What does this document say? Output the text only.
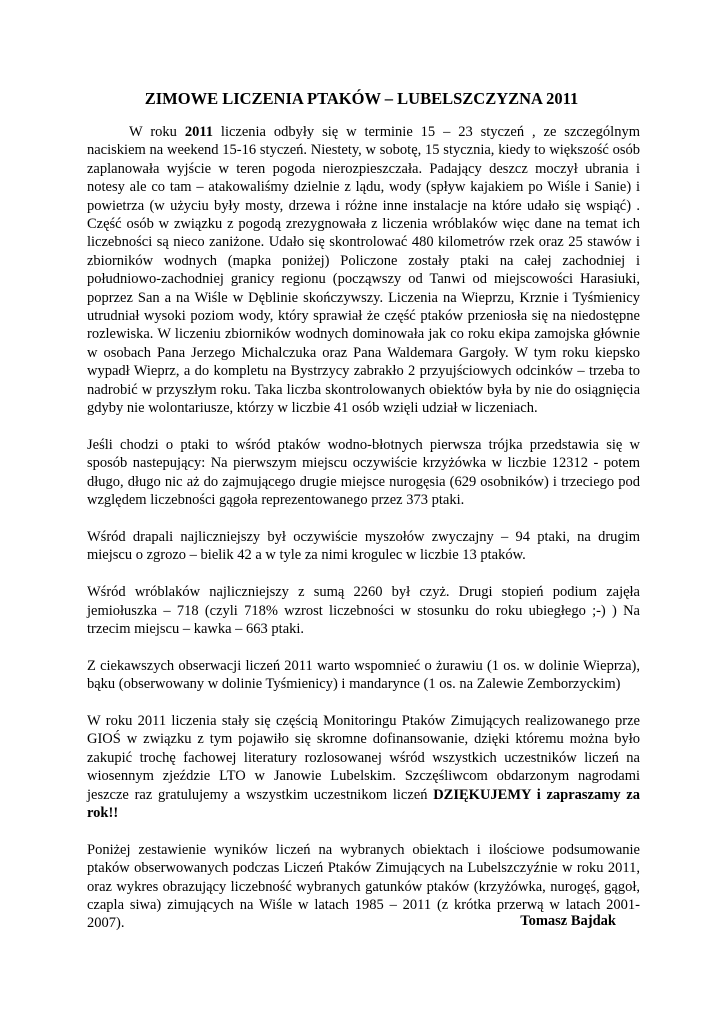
ZIMOWE LICZENIA PTAKÓW – LUBELSZCZYZNA 2011

W roku 2011 liczenia odbyły się w terminie 15 – 23 styczeń , ze szczególnym naciskiem na weekend 15-16 styczeń. Niestety, w sobotę, 15 stycznia, kiedy to większość osób zaplanowała wyjście w teren pogoda nierozpieszczała. Padający deszcz moczył ubrania i notesy ale co tam – atakowaliśmy dzielnie z lądu, wody (spływ kajakiem po Wiśle i Sanie) i powietrza (w użyciu były mosty, drzewa i różne inne instalacje na które udało się wspiąć) . Część osób w związku z pogodą zrezygnowała z liczenia wróblaków więc dane na temat ich liczebności są nieco zaniżone. Udało się skontrolować 480 kilometrów rzek oraz 25 stawów i zbiorników wodnych (mapka poniżej) Policzone zostały ptaki na całej zachodniej i południowo-zachodniej granicy regionu (począwszy od Tanwi od miejscowości Harasiuki, poprzez San a na Wiśle w Dęblinie skończywszy. Liczenia na Wieprzu, Krznie i Tyśmienicy utrudniał wysoki poziom wody, który sprawiał że część ptaków przeniosła się na niedostępne rozlewiska. W liczeniu zbiorników wodnych dominowała jak co roku ekipa zamojska głównie w osobach Pana Jerzego Michalczuka oraz Pana Waldemara Gargoły. W tym roku kiepsko wypadł Wieprz, a do kompletu na Bystrzycy zabrakło 2 przyujściowych odcinków – trzeba to nadrobić w przyszłym roku. Taka liczba skontrolowanych obiektów była by nie do osiągnięcia gdyby nie wolontariusze, którzy w liczbie 41 osób wzięli udział w liczeniach.

Jeśli chodzi o ptaki to wśród ptaków wodno-błotnych pierwsza trójka przedstawia się w sposób nastepujący: Na pierwszym miejscu oczywiście krzyżówka w liczbie 12312 - potem długo, długo nic aż do zajmującego drugie miejsce nurogęsia (629 osobników) i trzeciego pod względem liczebności gągoła reprezentowanego przez 373 ptaki.

Wśród drapali najliczniejszy był oczywiście myszołów zwyczajny – 94 ptaki, na drugim miejscu o zgrozo – bielik 42 a w tyle za nimi krogulec w liczbie 13 ptaków.

Wśród wróblaków najliczniejszy z sumą 2260 był czyż. Drugi stopień podium zajęła jemiołuszka – 718 (czyli 718% wzrost liczebności w stosunku do roku ubiegłego ;-) ) Na trzecim miejscu – kawka – 663 ptaki.

Z ciekawszych obserwacji liczeń 2011 warto wspomnieć o żurawiu (1 os. w dolinie Wieprza), bąku (obserwowany w dolinie Tyśmienicy) i mandarynce (1 os. na Zalewie Zemborzyckim)

W roku 2011 liczenia stały się częścią Monitoringu Ptaków Zimujących realizowanego prze GIOŚ w związku z tym pojawiło się skromne dofinansowanie, dzięki któremu można było zakupić trochę fachowej literatury rozlosowanej wśród wszystkich uczestników liczeń na wiosennym zjeździe LTO w Janowie Lubelskim. Szczęśliwcom obdarzonym nagrodami jeszcze raz gratulujemy a wszystkim uczestnikom liczeń DZIĘKUJEMY i zapraszamy za rok!!

Poniżej zestawienie wyników liczeń na wybranych obiektach i ilościowe podsumowanie ptaków obserwowanych podczas Liczeń Ptaków Zimujących na Lubelszczyźnie w roku 2011, oraz wykres obrazujący liczebność wybranych gatunków ptaków (krzyżówka, nurogęś, gągoł, czapla siwa) zimujących na Wiśle w latach 1985 – 2011 (z krótka przerwą w latach 2001-2007).	Tomasz Bajdak
